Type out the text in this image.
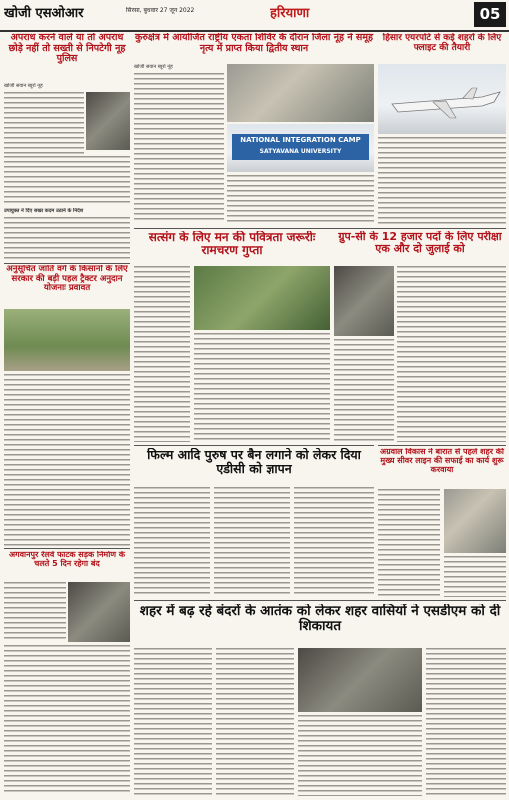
खोजी एसओआर	सिरसा, बुधवार 27 जून 2022	हरियाणा	05
अपराध करने वाले या तो अपराध छोड़े नहीं तो सख्ती से निपटेगी नूह पुलिस
खोजी सवान ब्यूरो नूह
उपायुक्त ने दिए सख्त कदम उठाने के निर्देश
अनुसूचित जाति वर्ग के किसानों के लिए सरकार की बड़ी पहल ट्रैक्टर अनुदान योजनाः प्रवावत
अगवानपुर रेलवे फाटक सड़क निर्माण के चलते 5 दिन रहेगा बंद
कुरुक्षेत्र में आयोजित राष्ट्रीय एकता शिविर के दौरान जिला नूंह ने समूह नृत्य में प्राप्त किया द्वितीय स्थान
खोजी सवान ब्यूरो नूंह
NATIONAL INTEGRATION CAMP
SATYAVANA UNIVERSITY
हिसार एयरपोर्ट से कई शहरों के लिए फ्लाइट की तैयारी
सत्संग के लिए मन की पवित्रता जरूरीः रामचरण गुप्ता
ग्रुप-सी के 12 हजार पदों के लिए परीक्षा एक और दो जुलाई को
फिल्म आदि पुरुष पर बैन लगाने को लेकर दिया एडीसी को ज्ञापन
अग्रवाल विकास ने बारात से पहले शहर की मुख्य सीवर लाइन की सफाई का कार्य शुरू करवाया
शहर में बढ़ रहे बंदरों के आतंक को लेकर शहर वासियों ने एसडीएम को दी शिकायत
